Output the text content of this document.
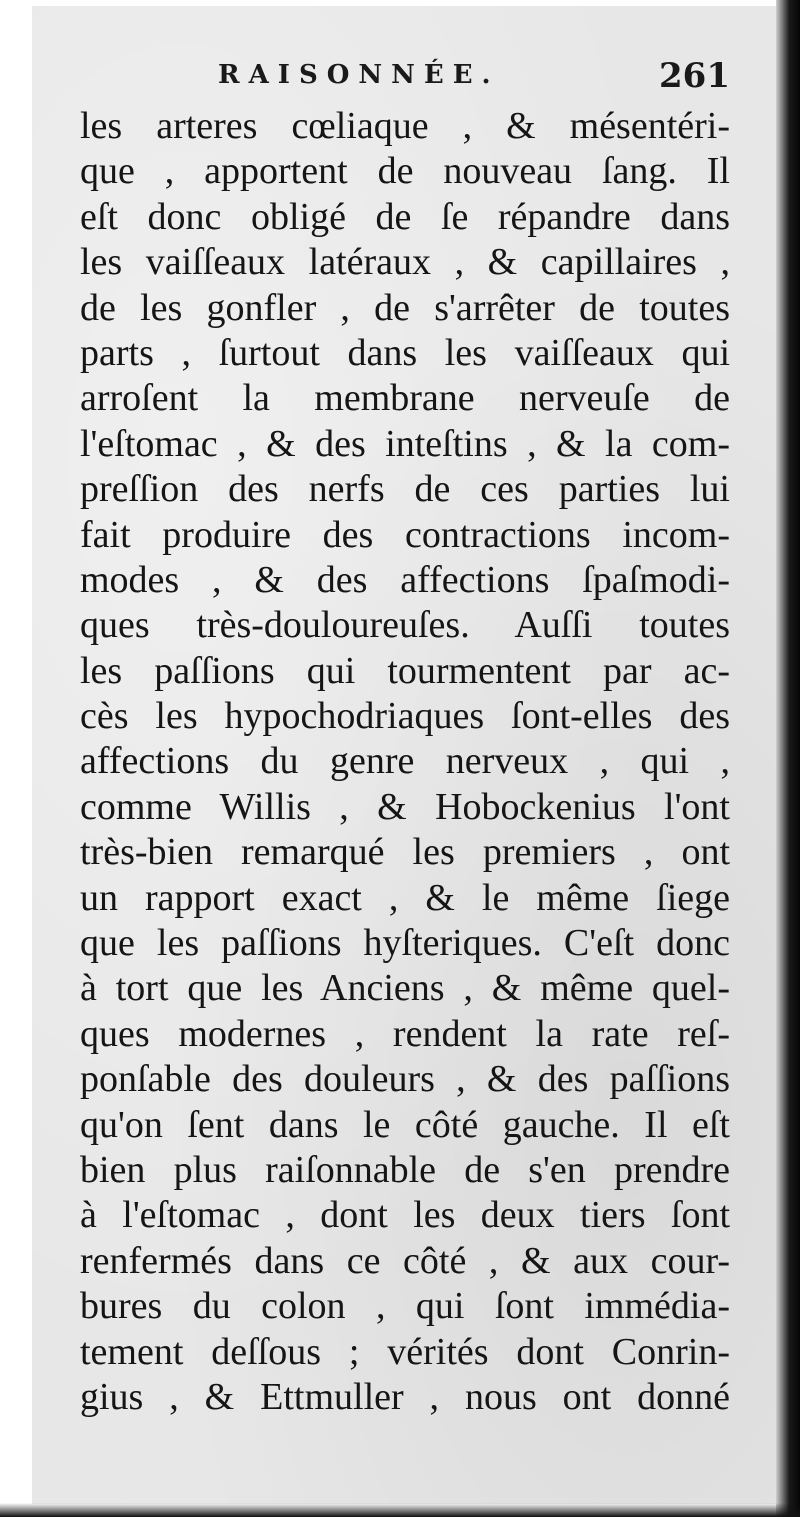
RAISONNÉE.	261
les arteres cœliaque , & mésentéri-
que , apportent de nouveau ſang. Il
eſt donc obligé de ſe répandre dans
les vaiſſeaux latéraux , & capillaires ,
de les gonfler , de s'arrêter de toutes
parts , ſurtout dans les vaiſſeaux qui
arroſent la membrane nerveuſe de
l'eſtomac , & des inteſtins , & la com-
preſſion des nerfs de ces parties lui
fait produire des contractions incom-
modes , & des affections ſpaſmodi-
ques très-douloureuſes. Auſſi toutes
les paſſions qui tourmentent par ac-
cès les hypochodriaques ſont-elles des
affections du genre nerveux , qui ,
comme Willis , & Hobockenius l'ont
très-bien remarqué les premiers , ont
un rapport exact , & le même ſiege
que les paſſions hyſteriques. C'eſt donc
à tort que les Anciens , & même quel-
ques modernes , rendent la rate reſ-
ponſable des douleurs , & des paſſions
qu'on ſent dans le côté gauche. Il eſt
bien plus raiſonnable de s'en prendre
à l'eſtomac , dont les deux tiers ſont
renfermés dans ce côté , & aux cour-
bures du colon , qui ſont immédia-
tement deſſous ; vérités dont Conrin-
gius , & Ettmuller , nous ont donné
